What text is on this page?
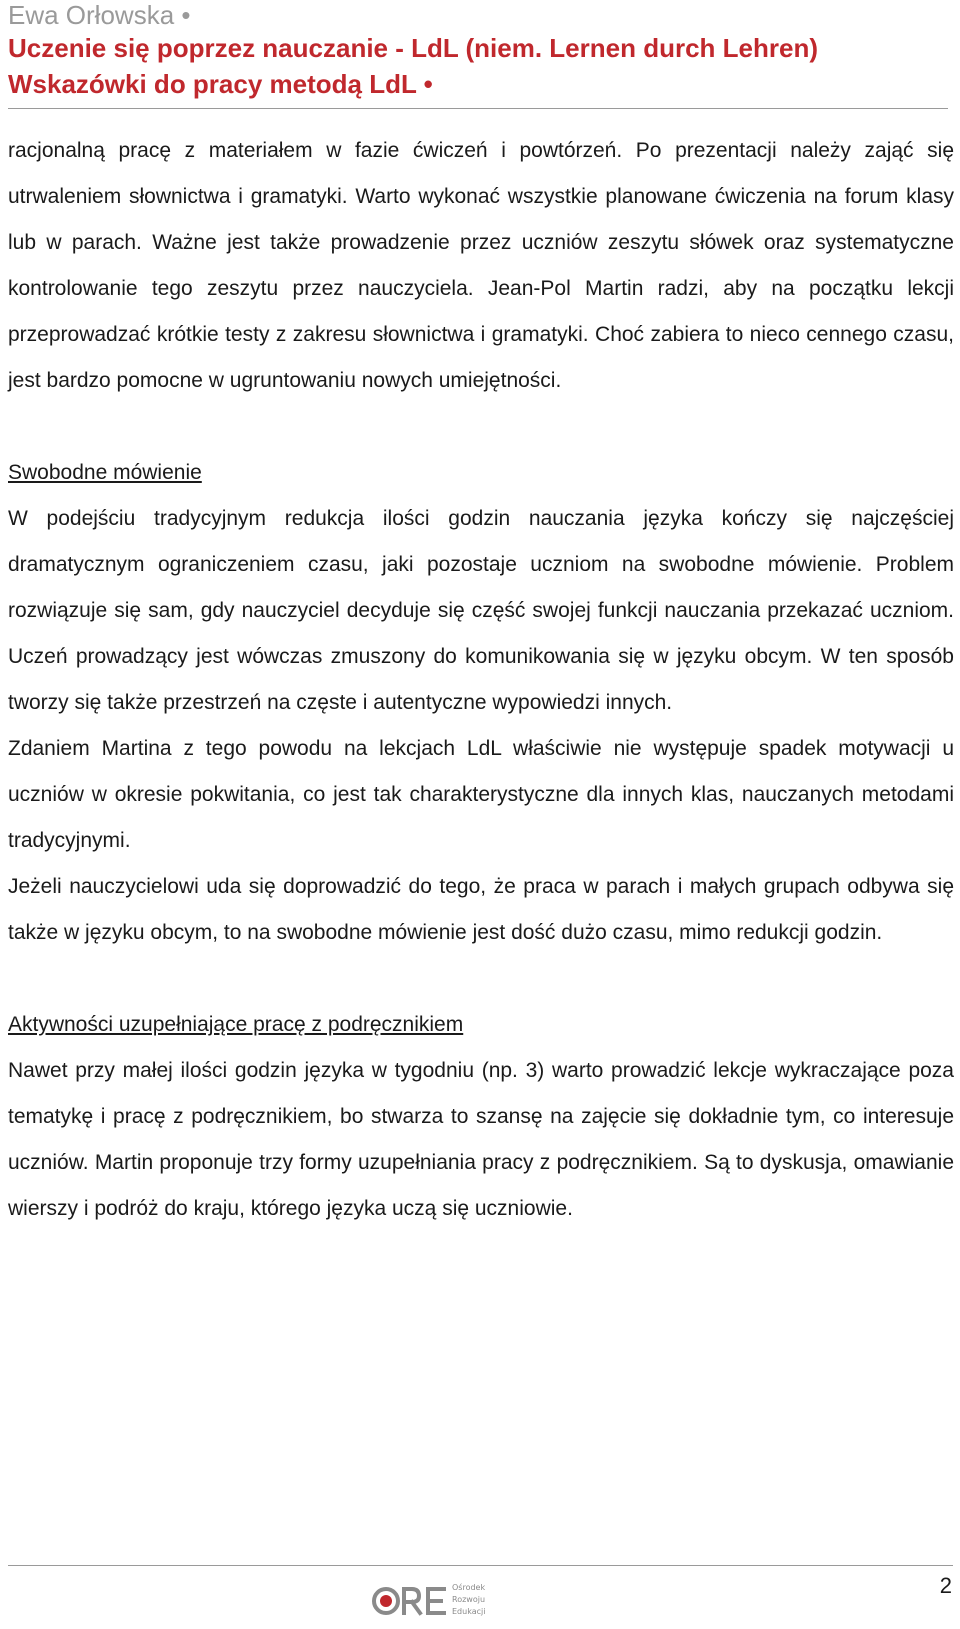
Ewa Orłowska •

Uczenie się poprzez nauczanie - LdL (niem. Lernen durch Lehren)

Wskazówki do pracy metodą LdL •

racjonalną pracę z materiałem w fazie ćwiczeń i powtórzeń. Po prezentacji należy zająć się utrwaleniem słownictwa i gramatyki. Warto wykonać wszystkie planowane ćwiczenia na forum klasy lub w parach. Ważne jest także prowadzenie przez uczniów zeszytu słówek oraz systematyczne kontrolowanie tego zeszytu przez nauczyciela. Jean-Pol Martin radzi, aby na początku lekcji przeprowadzać krótkie testy z zakresu słownictwa i gramatyki. Choć zabiera to nieco cennego czasu, jest bardzo pomocne w ugruntowaniu nowych umiejętności.

Swobodne mówienie

W podejściu tradycyjnym redukcja ilości godzin nauczania języka kończy się najczęściej dramatycznym ograniczeniem czasu, jaki pozostaje uczniom na swobodne mówienie. Problem rozwiązuje się sam, gdy nauczyciel decyduje się część swojej funkcji nauczania przekazać uczniom. Uczeń prowadzący jest wówczas zmuszony do komunikowania się w języku obcym. W ten sposób tworzy się także przestrzeń na częste i autentyczne wypowiedzi innych.

Zdaniem Martina z tego powodu na lekcjach LdL właściwie nie występuje spadek motywacji u uczniów w okresie pokwitania, co jest tak charakterystyczne dla innych klas, nauczanych metodami tradycyjnymi.

Jeżeli nauczycielowi uda się doprowadzić do tego, że praca w parach i małych grupach odbywa się także w języku obcym, to na swobodne mówienie jest dość dużo czasu, mimo redukcji godzin.

Aktywności uzupełniające pracę z podręcznikiem

Nawet przy małej ilości godzin języka w tygodniu (np. 3) warto prowadzić lekcje wykraczające poza tematykę i pracę z podręcznikiem, bo stwarza to szansę na zajęcie się dokładnie tym, co interesuje uczniów. Martin proponuje trzy formy uzupełniania pracy z podręcznikiem. Są to dyskusja, omawianie wierszy i podróż do kraju, którego języka uczą się uczniowie.

2
Ośrodek
Rozwoju
Edukacji
